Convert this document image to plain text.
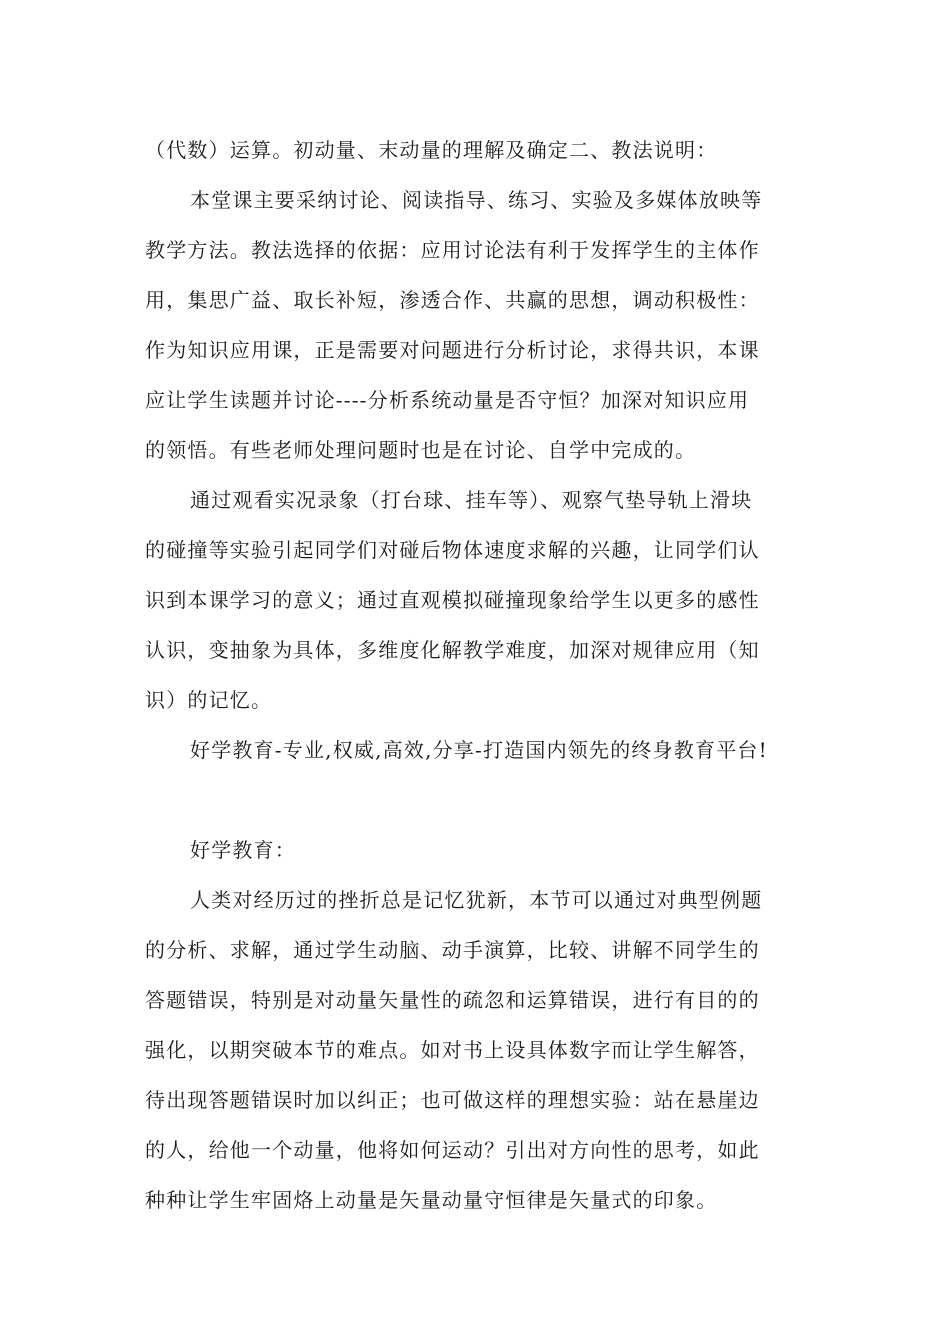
（代数）运算。初动量、末动量的理解及确定二、教法说明：
本堂课主要采纳讨论、阅读指导、练习、实验及多媒体放映等
教学方法。教法选择的依据：应用讨论法有利于发挥学生的主体作
用，集思广益、取长补短，渗透合作、共赢的思想，调动积极性：
作为知识应用课，正是需要对问题进行分析讨论，求得共识，本课
应让学生读题并讨论----分析系统动量是否守恒？加深对知识应用
的领悟。有些老师处理问题时也是在讨论、自学中完成的。
通过观看实况录象（打台球、挂车等）、观察气垫导轨上滑块
的碰撞等实验引起同学们对碰后物体速度求解的兴趣，让同学们认
识到本课学习的意义；通过直观模拟碰撞现象给学生以更多的感性
认识，变抽象为具体，多维度化解教学难度，加深对规律应用（知
识）的记忆。
好学教育-专业,权威,高效,分享-打造国内领先的终身教育平台!
好学教育：
人类对经历过的挫折总是记忆犹新，本节可以通过对典型例题
的分析、求解，通过学生动脑、动手演算，比较、讲解不同学生的
答题错误，特别是对动量矢量性的疏忽和运算错误，进行有目的的
强化，以期突破本节的难点。如对书上设具体数字而让学生解答，
待出现答题错误时加以纠正；也可做这样的理想实验：站在悬崖边
的人，给他一个动量，他将如何运动？引出对方向性的思考，如此
种种让学生牢固烙上动量是矢量动量守恒律是矢量式的印象。
